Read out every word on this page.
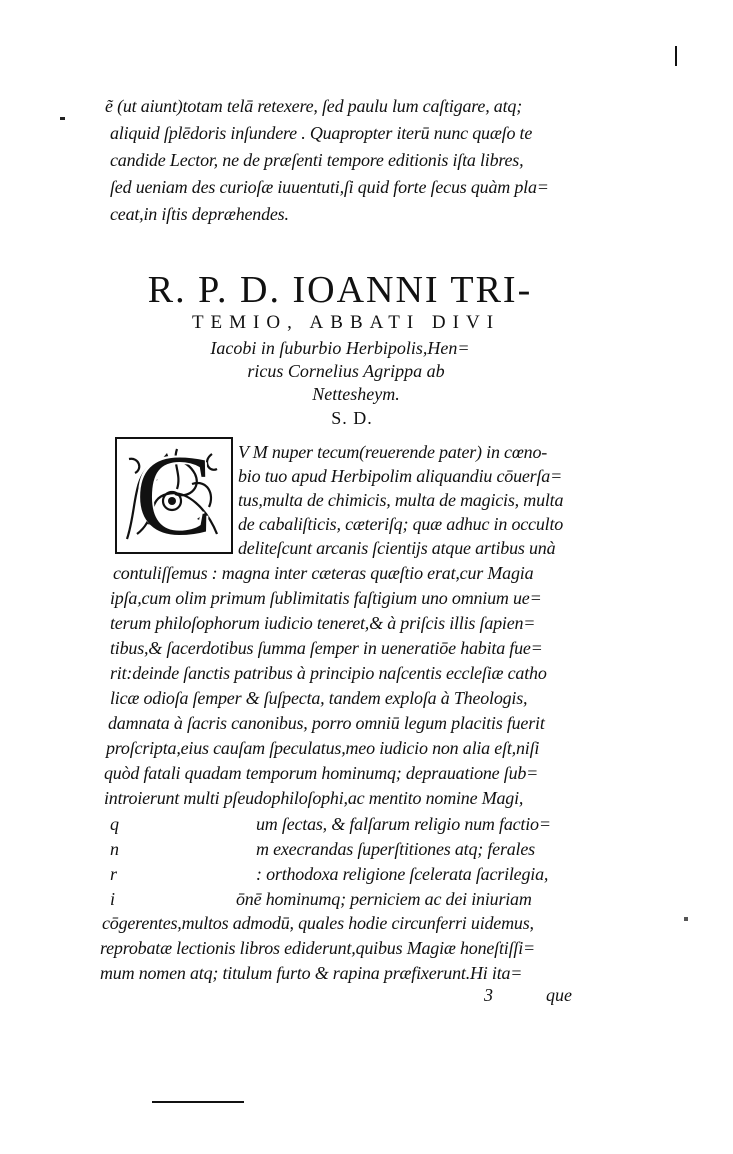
ẽ (ut aiunt)totam telā retexere, ſed paulu lum caſtigare, atq;
aliquid ſplēdoris inſundere . Quapropter iterū nunc quæſo te
candide Lector, ne de præſenti tempore editionis iſta libres,
ſed ueniam des curioſæ iuuentuti,ſi quid forte ſecus quàm pla=
ceat,in iſtis depræhendes.
R. P. D. IOANNI TRI-
TEMIO, ABBATI DIVI
Iacobi in ſuburbio Herbipolis,Hen=
ricus Cornelius Agrippa ab
Nettesheym.
S. D.
C	V M nuper tecum(reuerende pater) in cœno-
bio tuo apud Herbipolim aliquandiu cōuerſa=
tus,multa de chimicis, multa de magicis, multa
de cabaliſticis, cæteriſq; quæ adhuc in occulto
deliteſcunt arcanis ſcientijs atque artibus unà
contuliſſemus : magna inter cæteras quæſtio erat,cur Magia
ipſa,cum olim primum ſublimitatis faſtigium uno omnium ue=
terum philoſophorum iudicio teneret,& à priſcis illis ſapien=
tibus,& ſacerdotibus ſumma ſemper in ueneratiōe habita fue=
rit:deinde ſanctis patribus à principio naſcentis eccleſiæ catho
licæ odioſa ſemper & ſuſpecta, tandem exploſa à Theologis,
damnata à ſacris canonibus, porro omniū legum placitis fuerit
proſcripta,eius cauſam ſpeculatus,meo iudicio non alia eſt,niſi
quòd fatali quadam temporum hominumq; deprauatione ſub=
introierunt multi pſeudophiloſophi,ac mentito nomine Magi,
um ſectas, & falſarum religio num factio=
m execrandas ſuperſtitiones atq; ferales
: orthodoxa religione ſcelerata ſacrilegia,
ōnē hominumq; perniciem ac dei iniuriam
cōgerentes,multos admodū, quales hodie circunferri uidemus,
reprobatæ lectionis libros ediderunt,quibus Magiæ honeſtiſſi=
mum nomen atq; titulum furto & rapina præfixerunt.Hi ita=
q
n
r
i
3	que
